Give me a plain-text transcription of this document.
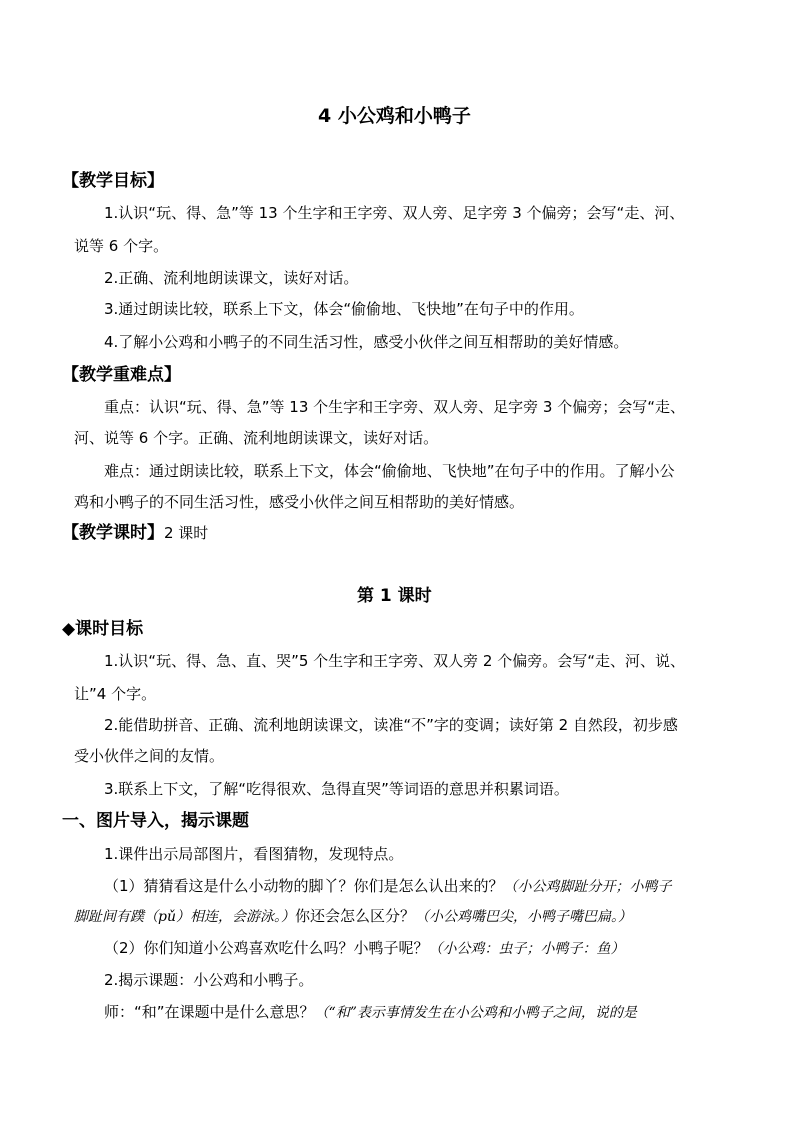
4 小公鸡和小鸭子
【教学目标】
1.认识“玩、得、急”等 13 个生字和王字旁、双人旁、足字旁 3 个偏旁；会写“走、河、
说等 6 个字。
2.正确、流利地朗读课文，读好对话。
3.通过朗读比较，联系上下文，体会“偷偷地、飞快地”在句子中的作用。
4.了解小公鸡和小鸭子的不同生活习性，感受小伙伴之间互相帮助的美好情感。
【教学重难点】
重点：认识“玩、得、急”等 13 个生字和王字旁、双人旁、足字旁 3 个偏旁；会写“走、
河、说等 6 个字。正确、流利地朗读课文，读好对话。
难点：通过朗读比较，联系上下文，体会“偷偷地、飞快地”在句子中的作用。了解小公
鸡和小鸭子的不同生活习性，感受小伙伴之间互相帮助的美好情感。
【教学课时】2 课时
第 1 课时
◆课时目标
1.认识“玩、得、急、直、哭”5 个生字和王字旁、双人旁 2 个偏旁。会写“走、河、说、
让”4 个字。
2.能借助拼音、正确、流利地朗读课文，读准“不”字的变调；读好第 2 自然段，初步感
受小伙伴之间的友情。
3.联系上下文，了解“吃得很欢、急得直哭”等词语的意思并积累词语。
一、图片导入，揭示课题
1.课件出示局部图片，看图猜物，发现特点。
（1）猜猜看这是什么小动物的脚丫？你们是怎么认出来的？（小公鸡脚趾分开；小鸭子
脚趾间有蹼（pǔ）相连，会游泳。）你还会怎么区分？（小公鸡嘴巴尖，小鸭子嘴巴扁。）
（2）你们知道小公鸡喜欢吃什么吗？小鸭子呢？（小公鸡：虫子；小鸭子：鱼）
2.揭示课题：小公鸡和小鸭子。
师：“和”在课题中是什么意思？（“和”表示事情发生在小公鸡和小鸭子之间，说的是
